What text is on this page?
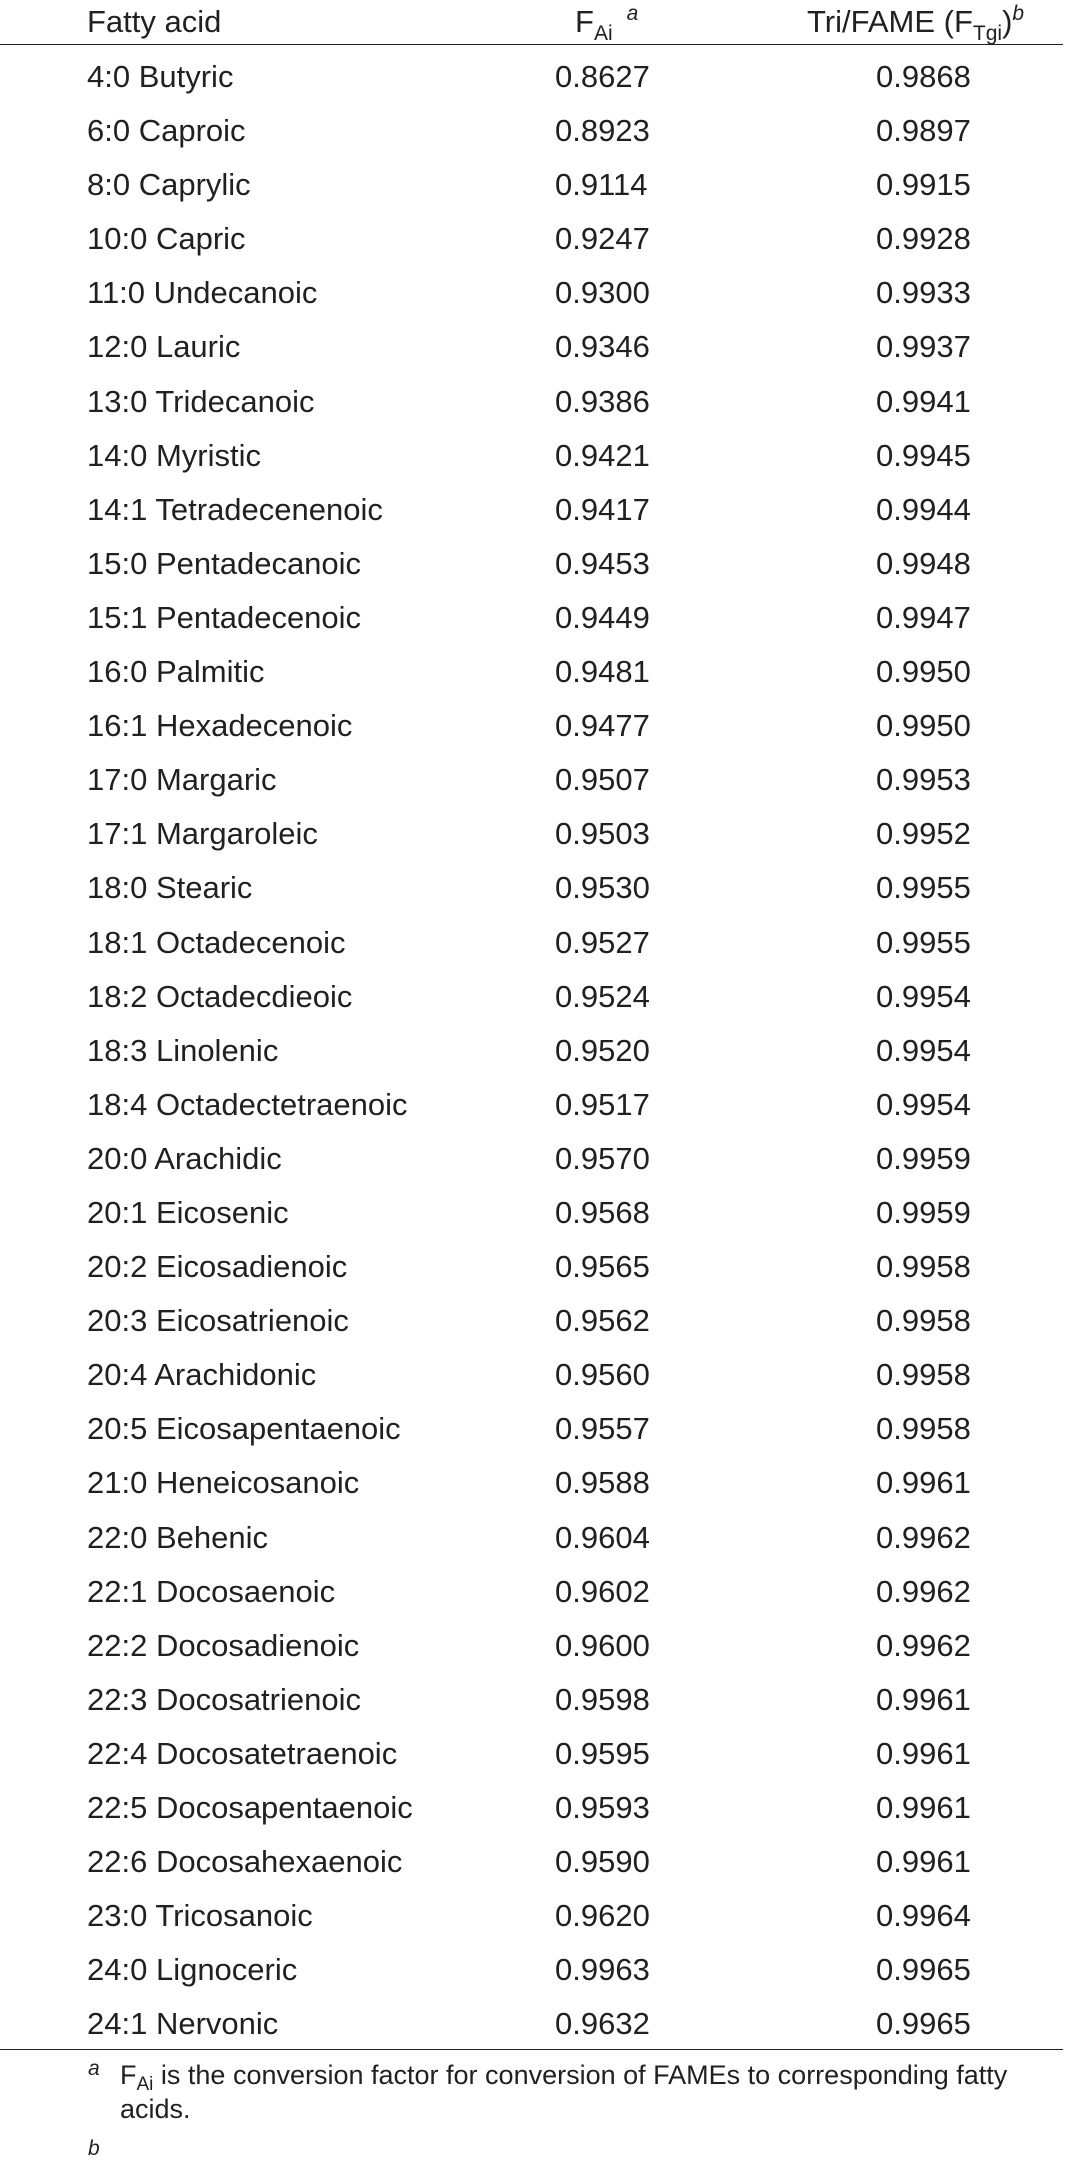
Fatty acid	$F_{Ai}^a$	Tri/FAME $(F_{Tgi})^b$
4:0 Butyric	0.8627	0.9868
6:0 Caproic	0.8923	0.9897
8:0 Caprylic	0.9114	0.9915
10:0 Capric	0.9247	0.9928
11:0 Undecanoic	0.9300	0.9933
12:0 Lauric	0.9346	0.9937
13:0 Tridecanoic	0.9386	0.9941
14:0 Myristic	0.9421	0.9945
14:1 Tetradecenenoic	0.9417	0.9944
15:0 Pentadecanoic	0.9453	0.9948
15:1 Pentadecenoic	0.9449	0.9947
16:0 Palmitic	0.9481	0.9950
16:1 Hexadecenoic	0.9477	0.9950
17:0 Margaric	0.9507	0.9953
17:1 Margaroleic	0.9503	0.9952
18:0 Stearic	0.9530	0.9955
18:1 Octadecenoic	0.9527	0.9955
18:2 Octadecdieoic	0.9524	0.9954
18:3 Linolenic	0.9520	0.9954
18:4 Octadectetraenoic	0.9517	0.9954
20:0 Arachidic	0.9570	0.9959
20:1 Eicosenic	0.9568	0.9959
20:2 Eicosadienoic	0.9565	0.9958
20:3 Eicosatrienoic	0.9562	0.9958
20:4 Arachidonic	0.9560	0.9958
20:5 Eicosapentaenoic	0.9557	0.9958
21:0 Heneicosanoic	0.9588	0.9961
22:0 Behenic	0.9604	0.9962
22:1 Docosaenoic	0.9602	0.9962
22:2 Docosadienoic	0.9600	0.9962
22:3 Docosatrienoic	0.9598	0.9961
22:4 Docosatetraenoic	0.9595	0.9961
22:5 Docosapentaenoic	0.9593	0.9961
22:6 Docosahexaenoic	0.9590	0.9961
23:0 Tricosanoic	0.9620	0.9964
24:0 Lignoceric	0.9963	0.9965
24:1 Nervonic	0.9632	0.9965
a $F_{Ai}$ is the conversion factor for conversion of FAMEs to corresponding fatty acids.
b
